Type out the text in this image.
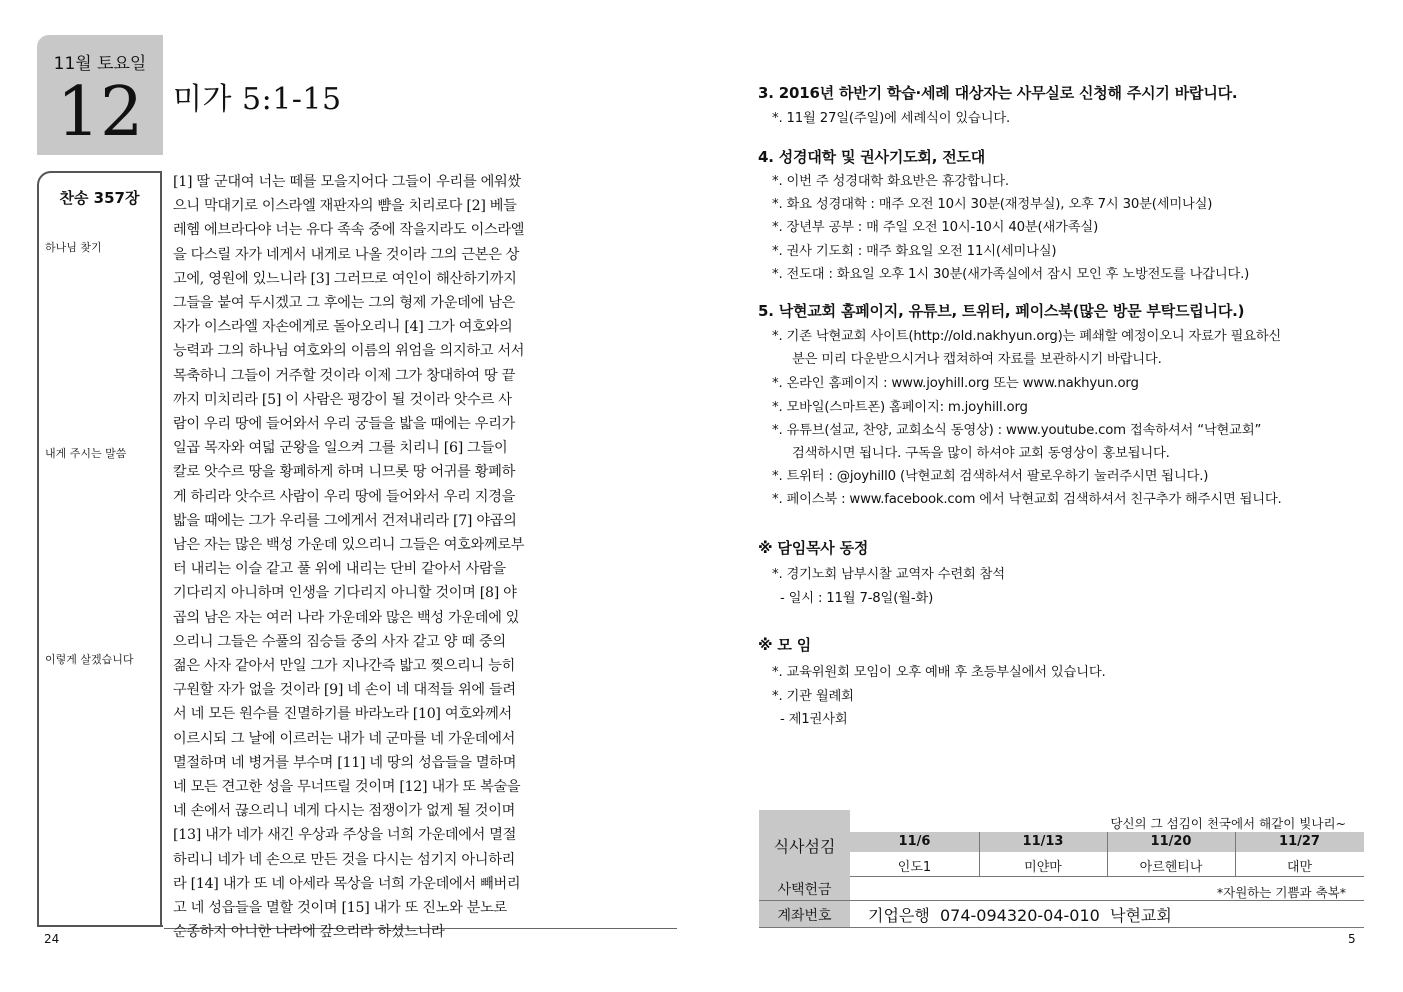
11월 토요일
12 미가 5:1-15
찬송 357장
하나님 찾기
내게 주시는 말씀
이렇게 살겠습니다
[1] 딸 군대여 너는 떼를 모을지어다 그들이 우리를 에워쌌
으니 막대기로 이스라엘 재판자의 뺨을 치리로다 [2] 베들
레헴 에브라다야 너는 유다 족속 중에 작을지라도 이스라엘
을 다스릴 자가 네게서 내게로 나올 것이라 그의 근본은 상
고에, 영원에 있느니라 [3] 그러므로 여인이 해산하기까지
그들을 붙여 두시겠고 그 후에는 그의 형제 가운데에 남은
자가 이스라엘 자손에게로 돌아오리니 [4] 그가 여호와의
능력과 그의 하나님 여호와의 이름의 위엄을 의지하고 서서
목축하니 그들이 거주할 것이라 이제 그가 창대하여 땅 끝
까지 미치리라 [5] 이 사람은 평강이 될 것이라 앗수르 사
람이 우리 땅에 들어와서 우리 궁들을 밟을 때에는 우리가
일곱 목자와 여덟 군왕을 일으켜 그를 치리니 [6] 그들이
칼로 앗수르 땅을 황폐하게 하며 니므롯 땅 어귀를 황폐하
게 하리라 앗수르 사람이 우리 땅에 들어와서 우리 지경을
밟을 때에는 그가 우리를 그에게서 건져내리라 [7] 야곱의
남은 자는 많은 백성 가운데 있으리니 그들은 여호와께로부
터 내리는 이슬 같고 풀 위에 내리는 단비 같아서 사람을
기다리지 아니하며 인생을 기다리지 아니할 것이며 [8] 야
곱의 남은 자는 여러 나라 가운데와 많은 백성 가운데에 있
으리니 그들은 수풀의 짐승들 중의 사자 같고 양 떼 중의
젊은 사자 같아서 만일 그가 지나간즉 밟고 찢으리니 능히
구원할 자가 없을 것이라 [9] 네 손이 네 대적들 위에 들려
서 네 모든 원수를 진멸하기를 바라노라 [10] 여호와께서
이르시되 그 날에 이르러는 내가 네 군마를 네 가운데에서
멸절하며 네 병거를 부수며 [11] 네 땅의 성읍들을 멸하며
네 모든 견고한 성을 무너뜨릴 것이며 [12] 내가 또 복술을
네 손에서 끊으리니 네게 다시는 점쟁이가 없게 될 것이며
[13] 내가 네가 새긴 우상과 주상을 너희 가운데에서 멸절
하리니 네가 네 손으로 만든 것을 다시는 섬기지 아니하리
라 [14] 내가 또 네 아세라 목상을 너희 가운데에서 빼버리
고 네 성읍들을 멸할 것이며 [15] 내가 또 진노와 분노로
순종하지 아니한 나라에 갚으리라 하셨느니라
24
3. 2016년 하반기 학습·세례 대상자는 사무실로 신청해 주시기 바랍니다.
*. 11월 27일(주일)에 세례식이 있습니다.
4. 성경대학 및 권사기도회, 전도대
*. 이번 주 성경대학 화요반은 휴강합니다.
*. 화요 성경대학 : 매주 오전 10시 30분(재정부실), 오후 7시 30분(세미나실)
*. 장년부 공부 : 매 주일 오전 10시-10시 40분(새가족실)
*. 권사 기도회 : 매주 화요일 오전 11시(세미나실)
*. 전도대 : 화요일 오후 1시 30분(새가족실에서 잠시 모인 후 노방전도를 나갑니다.)
5. 낙현교회 홈페이지, 유튜브, 트위터, 페이스북(많은 방문 부탁드립니다.)
*. 기존 낙현교회 사이트(http://old.nakhyun.org)는 폐쇄할 예정이오니 자료가 필요하신
분은 미리 다운받으시거나 캡쳐하여 자료를 보관하시기 바랍니다.
*. 온라인 홈페이지 : www.joyhill.org 또는 www.nakhyun.org
*. 모바일(스마트폰) 홈페이지: m.joyhill.org
*. 유튜브(설교, 찬양, 교회소식 동영상) : www.youtube.com 접속하셔서 “낙현교회”
검색하시면 됩니다. 구독을 많이 하셔야 교회 동영상이 홍보됩니다.
*. 트위터 : @joyhill0 (낙현교회 검색하셔서 팔로우하기 눌러주시면 됩니다.)
*. 페이스북 : www.facebook.com 에서 낙현교회 검색하셔서 친구추가 해주시면 됩니다.
※ 담임목사 동정
*. 경기노회 남부시찰 교역자 수련회 참석
- 일시 : 11월 7-8일(월-화)
※ 모 임
*. 교육위원회 모임이 오후 예배 후 초등부실에서 있습니다.
*. 기관 월례회
- 제1권사회
당신의 그 섬김이 천국에서 해같이 빛나리~
식사섬김	11/6	11/13	11/20	11/27
인도1	미얀마	아르헨티나	대만
사택헌금	*자원하는 기쁨과 축복*
계좌번호	기업은행  074-094320-04-010  낙현교회
5
